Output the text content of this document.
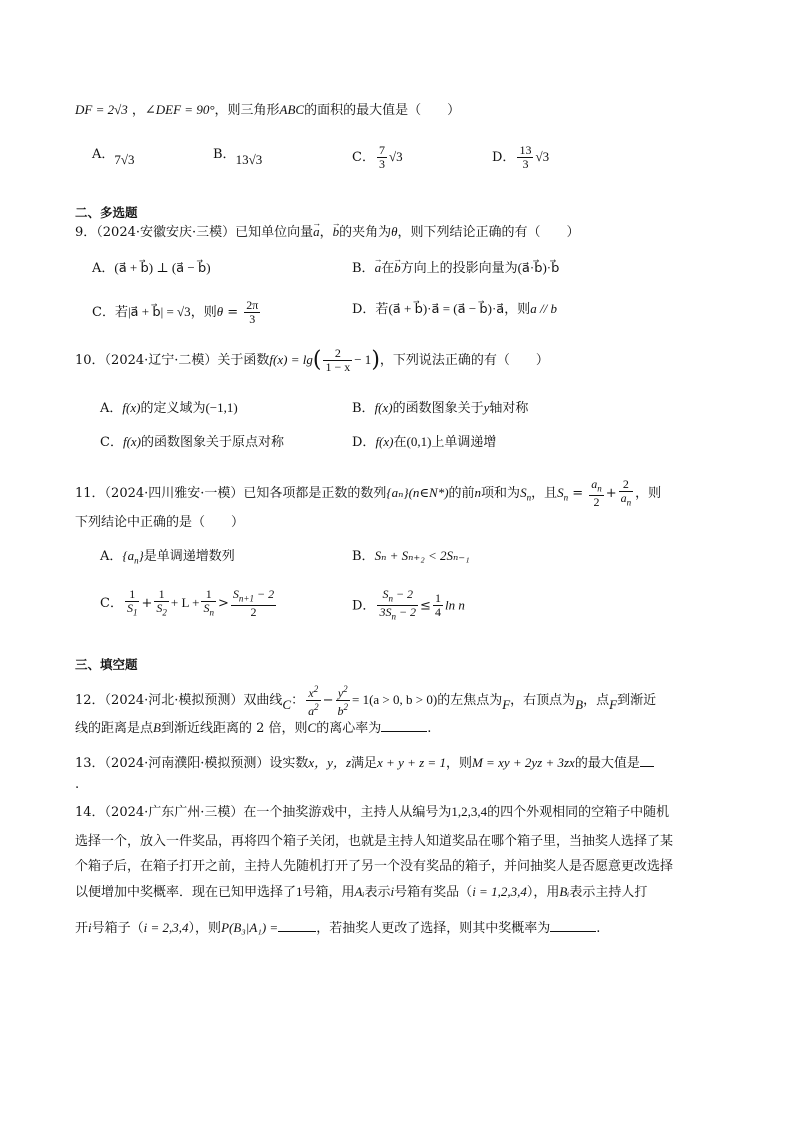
DF = 2√3 ，∠DEF = 90°，则三角形ABC的面积的最大值是（　　）
A．7√3	B．13√3	C． $\frac{7}{3} √3$	D． $\frac{13}{3} √3$
二、多选题
9．（2024·安徽安庆·三模）已知单位向量→ a，→ b的夹角为θ，则下列结论正确的有（　　）
A．(a⃗ + b⃗) ⊥ (a⃗ − b⃗)	B．→ a在→ b方向上的投影向量为(a⃗·b⃗)·b⃗
C．若|a⃗ + b⃗| = √3，则$\theta = \frac{2\pi}{3}$	D．若(a⃗ + b⃗)·a⃗ = (a⃗ − b⃗)·a⃗，则a // b
10．（2024·辽宁·二模）关于函数$f(x) = \lg( \frac{2}{1 - x} - 1)$，下列说法正确的有（　　）
A．f(x)的定义域为(−1,1)	B．f(x)的函数图象关于y轴对称
C．f(x)的函数图象关于原点对称	D．f(x)在(0,1)上单调递增
11．（2024·四川雅安·一模）已知各项都是正数的数列{aₙ}(n∈N*)的前n项和为$S_n$，且$S_n = \frac{a_n}{2} + \frac{2}{a_n}$ ，则
下列结论中正确的是（　　）
A．$\{a_n\}$是单调递增数列	B．Sₙ + Sₙ₊₂ < 2Sₙ₋₁
C． $\frac{1}{S_1} + \frac{1}{S_2} + L + \frac{1}{S_n} > \frac{S_{n+1} - 2}{2}$	D． $\frac{S_n - 2}{3S_n - 2} \le \frac{1}{4}$ ln n
三、填空题
12．（2024·河北·模拟预测）双曲线C： $\frac{x^2}{a^2} - \frac{y^2}{b^2} = 1(a > 0$, b > 0)的左焦点为F，右顶点为B，点F到渐近
线的距离是点B到渐近线距离的 2 倍，则C的离心率为	.
13．（2024·河南濮阳·模拟预测）设实数x，y，z满足x + y + z = 1，则M = xy + 2yz + 3zx的最大值是
.
14．（2024·广东广州·三模）在一个抽奖游戏中，主持人从编号为1,2,3,4的四个外观相同的空箱子中随机
选择一个，放入一件奖品，再将四个箱子关闭，也就是主持人知道奖品在哪个箱子里，当抽奖人选择了某
个箱子后，在箱子打开之前，主持人先随机打开了另一个没有奖品的箱子，并问抽奖人是否愿意更改选择
以便增加中奖概率．现在已知甲选择了1号箱，用Aᵢ表示i号箱有奖品（i = 1,2,3,4），用Bᵢ表示主持人打
开i号箱子（i = 2,3,4），则P(B₃|A₁) =	，若抽奖人更改了选择，则其中奖概率为	.
